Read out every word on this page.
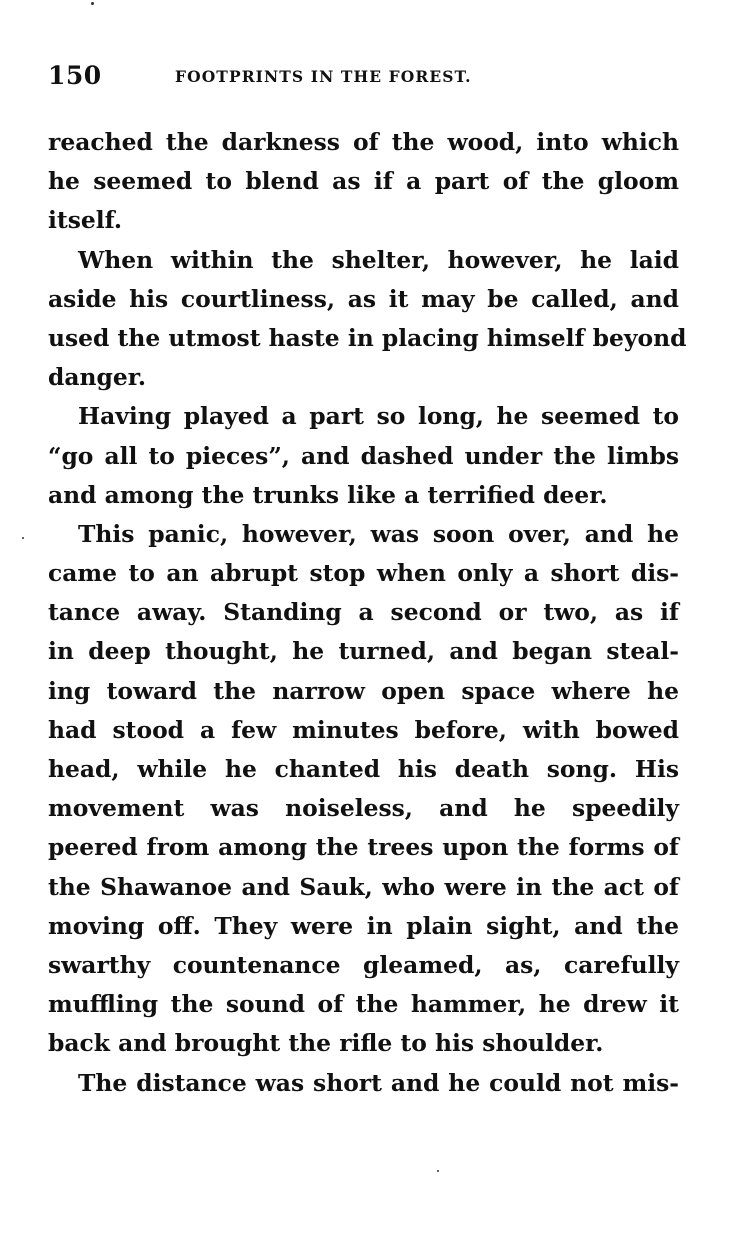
150	FOOTPRINTS IN THE FOREST.
reached the darkness of the wood, into which
he seemed to blend as if a part of the gloom
itself.
When within the shelter, however, he laid
aside his courtliness, as it may be called, and
used the utmost haste in placing himself beyond
danger.
Having played a part so long, he seemed to
“go all to pieces”, and dashed under the limbs
and among the trunks like a terrified deer.
This panic, however, was soon over, and he
came to an abrupt stop when only a short dis-
tance away. Standing a second or two, as if
in deep thought, he turned, and began steal-
ing toward the narrow open space where he
had stood a few minutes before, with bowed
head, while he chanted his death song. His
movement was noiseless, and he speedily
peered from among the trees upon the forms of
the Shawanoe and Sauk, who were in the act of
moving off. They were in plain sight, and the
swarthy countenance gleamed, as, carefully
muffling the sound of the hammer, he drew it
back and brought the rifle to his shoulder.
The distance was short and he could not mis-
